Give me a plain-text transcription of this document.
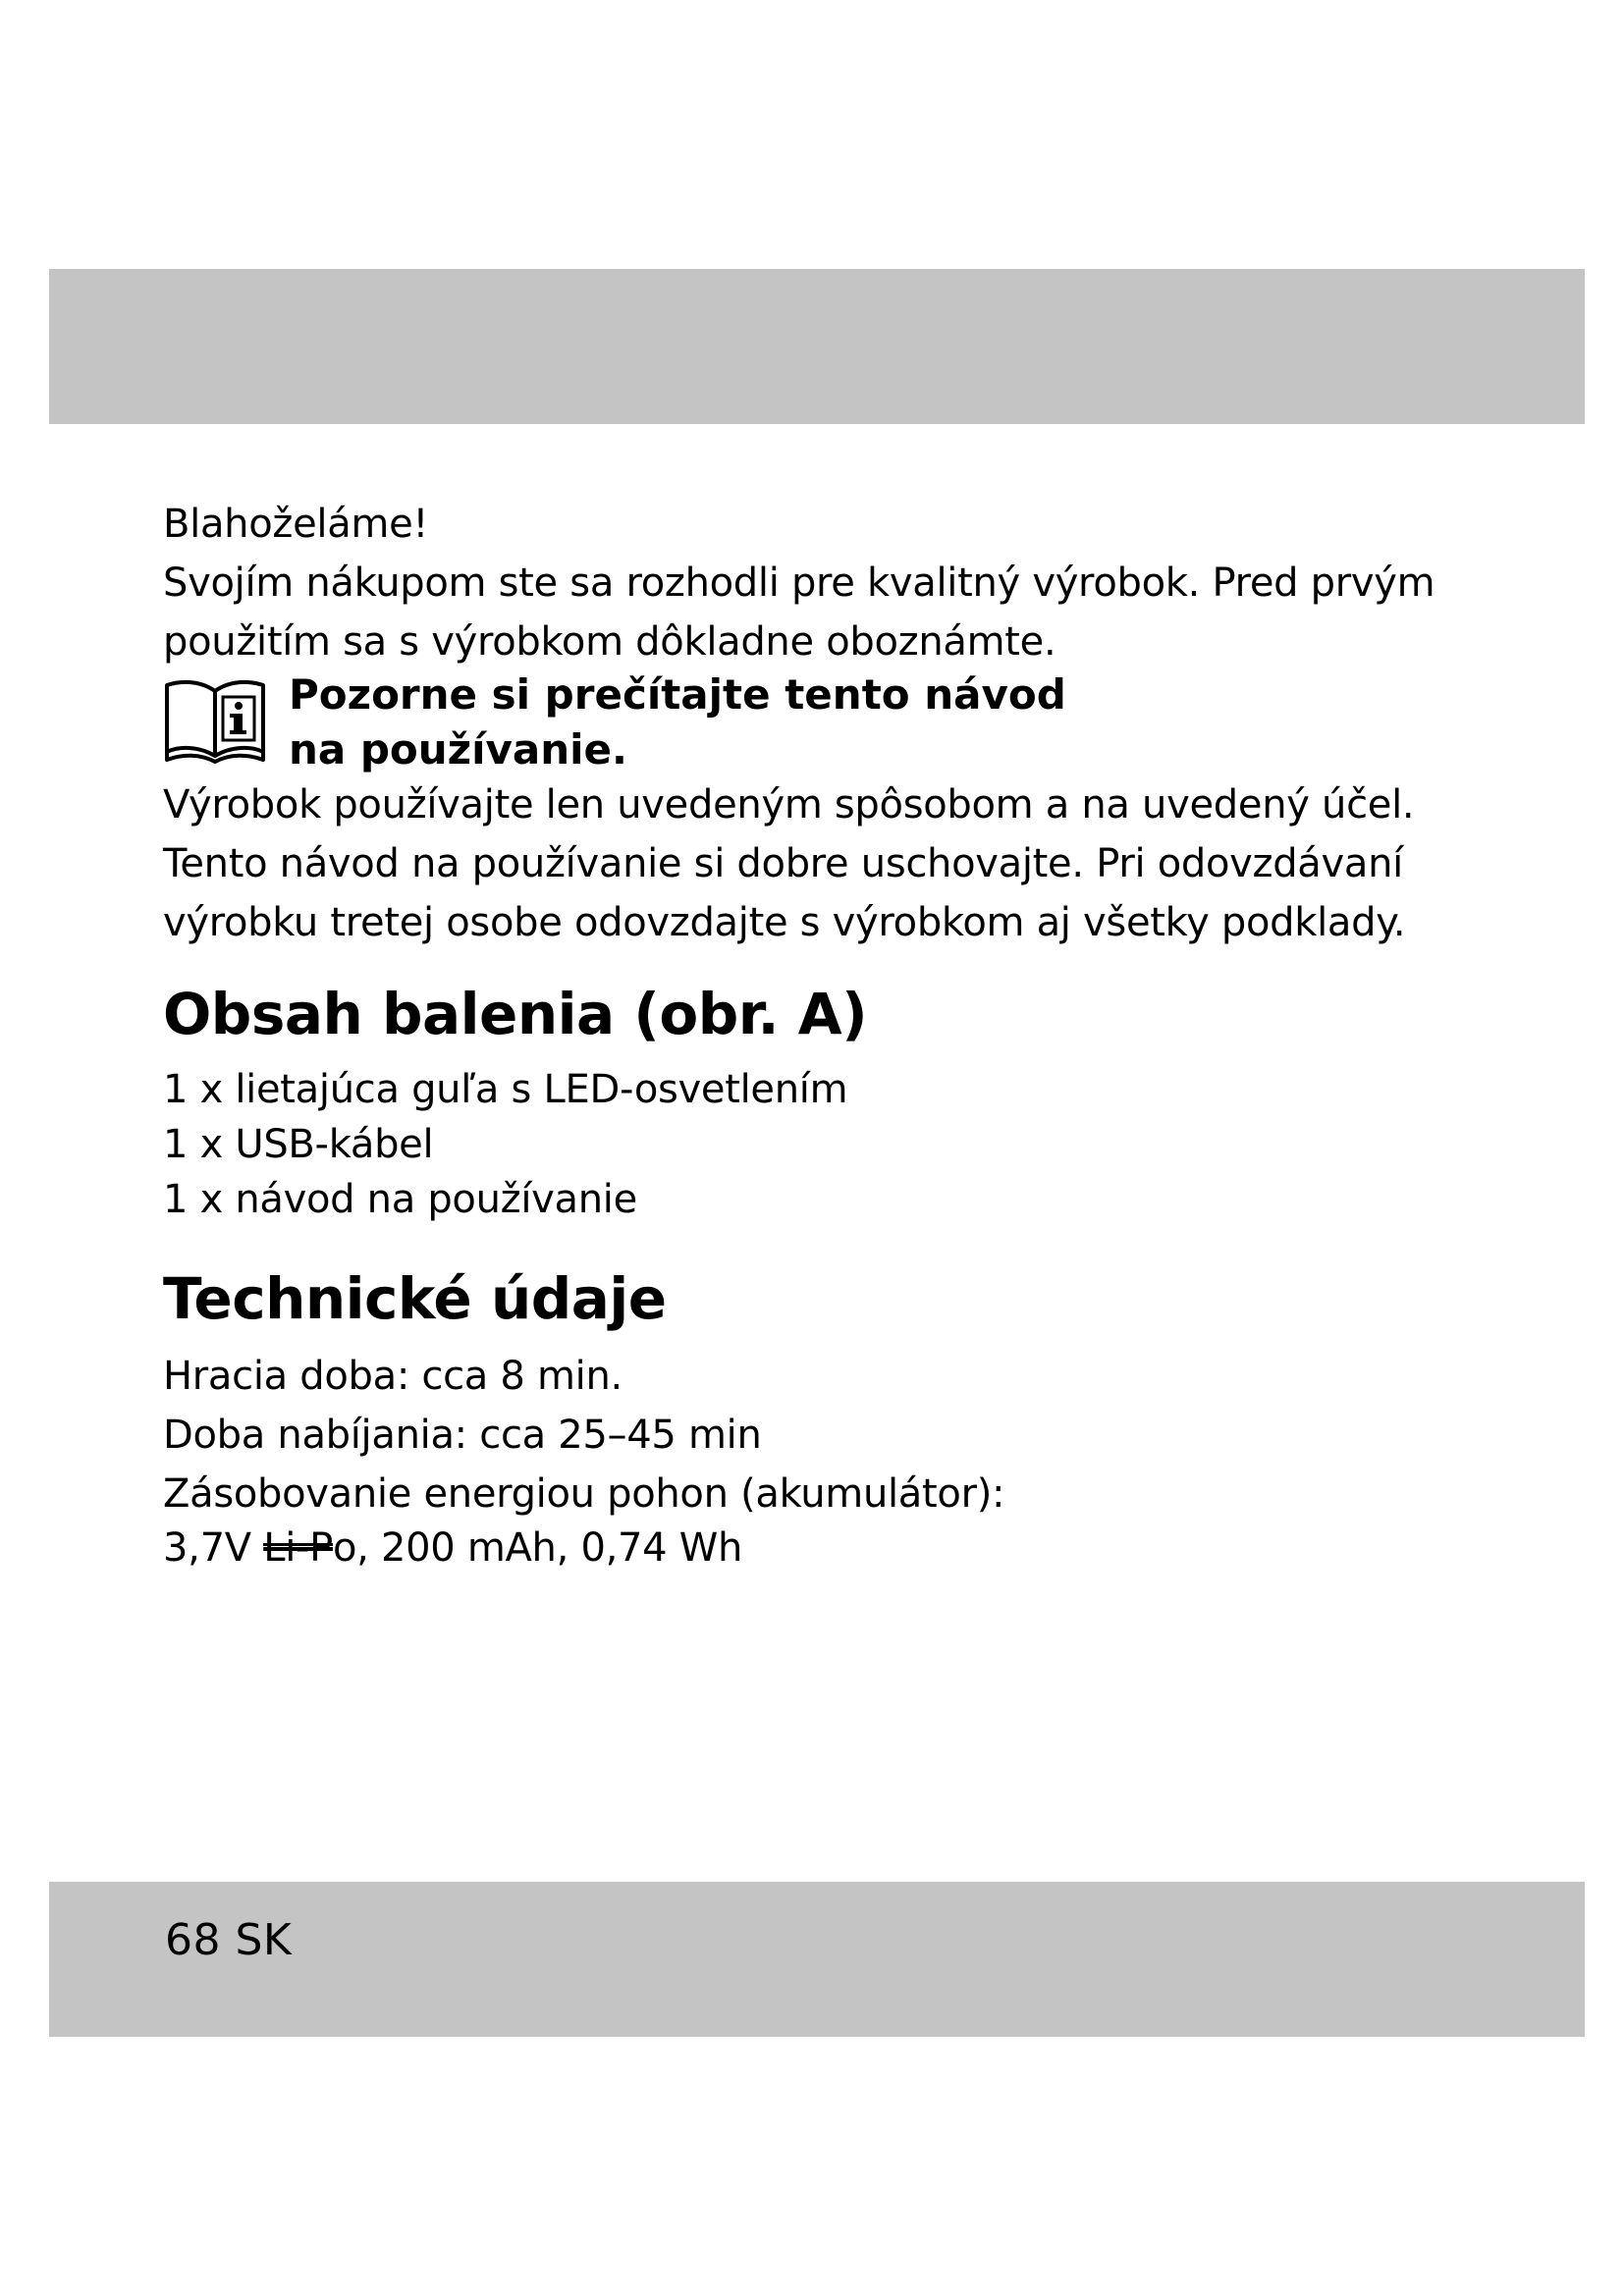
Blahoželáme!
Svojím nákupom ste sa rozhodli pre kvalitný výrobok. Pred prvým
použitím sa s výrobkom dôkladne oboznámte.
Pozorne si prečítajte tento návod
na používanie.
Výrobok používajte len uvedeným spôsobom a na uvedený účel.
Tento návod na používanie si dobre uschovajte. Pri odovzdávaní
výrobku tretej osobe odovzdajte s výrobkom aj všetky podklady.
Obsah balenia (obr. A)
1 x lietajúca guľa s LED-osvetlením
1 x USB-kábel
1 x návod na používanie
Technické údaje
Hracia doba: cca 8 min.
Doba nabíjania: cca 25–45 min
Zásobovanie energiou pohon (akumulátor):
3,7V Li-Po, 200 mAh, 0,74 Wh
68 SK
